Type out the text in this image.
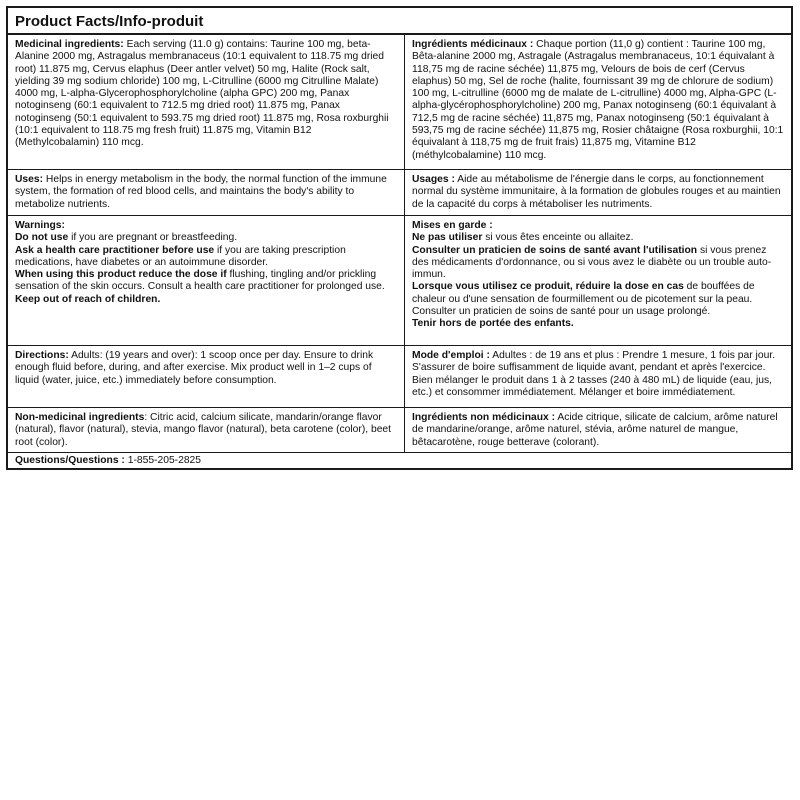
Product Facts/Info-produit

Medicinal ingredients: Each serving (11.0 g) contains: Taurine 100 mg, beta-Alanine 2000 mg, Astragalus membranaceus (10:1 equivalent to 118.75 mg dried root) 11.875 mg, Cervus elaphus (Deer antler velvet) 50 mg, Halite (Rock salt, yielding 39 mg sodium chloride) 100 mg, L-Citrulline (6000 mg Citrulline Malate) 4000 mg, L-alpha-Glycerophosphorylcholine (alpha GPC) 200 mg, Panax notoginseng (60:1 equivalent to 712.5 mg dried root) 11.875 mg, Panax notoginseng (50:1 equivalent to 593.75 mg dried root) 11.875 mg, Rosa roxburghii (10:1 equivalent to 118.75 mg fresh fruit) 11.875 mg, Vitamin B12 (Methylcobalamin) 110 mcg.

Ingrédients médicinaux : Chaque portion (11,0 g) contient : Taurine 100 mg, Bêta-alanine 2000 mg, Astragale (Astragalus membranaceus, 10:1 équivalant à 118,75 mg de racine séchée) 11,875 mg, Velours de bois de cerf (Cervus elaphus) 50 mg, Sel de roche (halite, fournissant 39 mg de chlorure de sodium) 100 mg, L-citrulline (6000 mg de malate de L-citrulline) 4000 mg, Alpha-GPC (L-alpha-glycérophosphorylcholine) 200 mg, Panax notoginseng (60:1 équivalant à 712,5 mg de racine séchée) 11,875 mg, Panax notoginseng (50:1 équivalant à 593,75 mg de racine séchée) 11,875 mg, Rosier châtaigne (Rosa roxburghii, 10:1 équivalant à 118,75 mg de fruit frais) 11,875 mg, Vitamine B12 (méthylcobalamine) 110 mcg.

Uses: Helps in energy metabolism in the body, the normal function of the immune system, the formation of red blood cells, and maintains the body's ability to metabolize nutrients.

Usages : Aide au métabolisme de l'énergie dans le corps, au fonctionnement normal du système immunitaire, à la formation de globules rouges et au maintien de la capacité du corps à métaboliser les nutriments.

Warnings:

Do not use if you are pregnant or breastfeeding.

Ask a health care practitioner before use if you are taking prescription medications, have diabetes or an autoimmune disorder.

When using this product reduce the dose if flushing, tingling and/or prickling sensation of the skin occurs. Consult a health care practitioner for prolonged use.

Keep out of reach of children.

Mises en garde :

Ne pas utiliser si vous êtes enceinte ou allaitez.

Consulter un praticien de soins de santé avant l'utilisation si vous prenez des médicaments d'ordonnance, ou si vous avez le diabète ou un trouble auto-immun.

Lorsque vous utilisez ce produit, réduire la dose en cas de bouffées de chaleur ou d'une sensation de fourmillement ou de picotement sur la peau. Consulter un praticien de soins de santé pour un usage prolongé.

Tenir hors de portée des enfants.

Directions: Adults: (19 years and over): 1 scoop once per day. Ensure to drink enough fluid before, during, and after exercise. Mix product well in 1–2 cups of liquid (water, juice, etc.) immediately before consumption.

Mode d'emploi : Adultes : de 19 ans et plus : Prendre 1 mesure, 1 fois par jour. S'assurer de boire suffisamment de liquide avant, pendant et après l'exercice. Bien mélanger le produit dans 1 à 2 tasses (240 à 480 mL) de liquide (eau, jus, etc.) et consommer immédiatement. Mélanger et boire immédiatement.

Non-medicinal ingredients: Citric acid, calcium silicate, mandarin/orange flavor (natural), flavor (natural), stevia, mango flavor (natural), beta carotene (color), beet root (color).

Ingrédients non médicinaux : Acide citrique, silicate de calcium, arôme naturel de mandarine/orange, arôme naturel, stévia, arôme naturel de mangue, bêtacarotène, rouge betterave (colorant).

Questions/Questions : 1-855-205-2825
